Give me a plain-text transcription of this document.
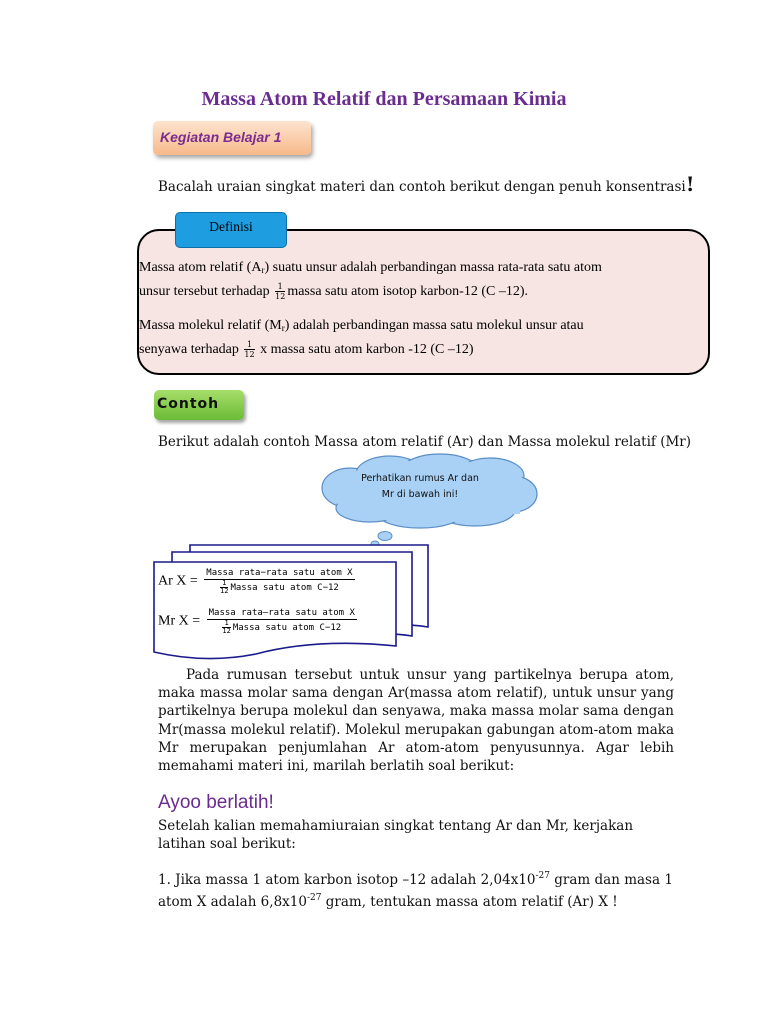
Massa Atom Relatif dan Persamaan Kimia
Kegiatan Belajar 1
Bacalah uraian singkat materi dan contoh berikut dengan penuh konsentrasi!
Definisi
Massa atom relatif $(A_r)$ suatu unsur adalah perbandingan massa rata-rata satu atom
unsur tersebut terhadap $\frac{1}{12}$ massa satu atom isotop karbon-12 (C –12).
Massa molekul relatif $(M_r)$ adalah perbandingan massa satu molekul unsur atau
senyawa terhadap $\frac{1}{12}$ x massa satu atom karbon -12 (C –12)
Contoh
Berikut adalah contoh Massa atom relatif (Ar) dan Massa molekul relatif (Mr)
Perhatikan rumus Ar dan
Mr di bawah ini!
Ar X =
Massa rata−rata satu atom X
$\frac{1}{12}$ Massa satu atom C−12
Mr X =
Massa rata–rata satu atom X
$\frac{1}{12}$ Massa satu atom C−12
Pada rumusan tersebut untuk unsur yang partikelnya berupa atom, maka massa molar sama dengan Ar(massa atom relatif), untuk unsur yang partikelnya berupa molekul dan senyawa, maka massa molar sama dengan Mr(massa molekul relatif). Molekul merupakan gabungan atom-atom maka Mr merupakan penjumlahan Ar atom-atom penyusunnya. Agar lebih memahami materi ini, marilah berlatih soal berikut:
Ayoo berlatih!
Setelah kalian memahamiuraian singkat tentang Ar dan Mr, kerjakan latihan soal berikut:
1. Jika massa 1 atom karbon isotop –12 adalah $2,04x10^{-27}$ gram dan masa 1 atom X adalah $6,8x10^{-27}$ gram, tentukan massa atom relatif (Ar) X !
